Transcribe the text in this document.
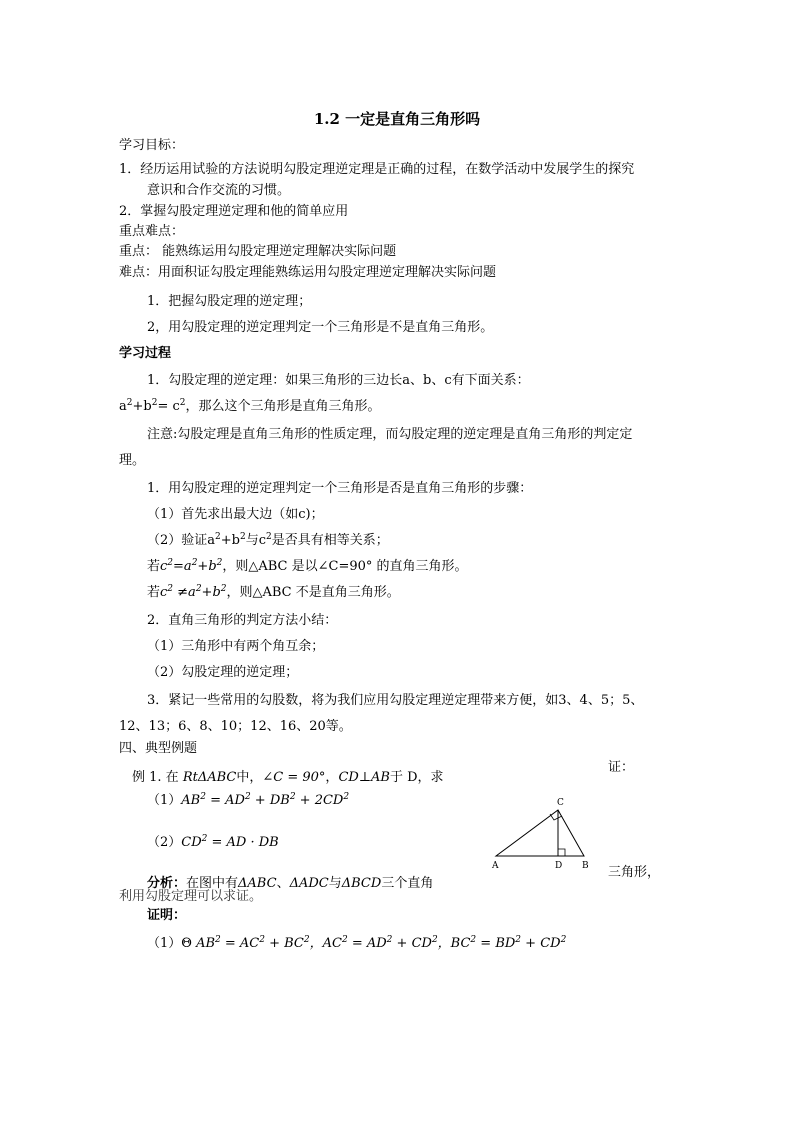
1.2 一定是直角三角形吗
学习目标：
1．经历运用试验的方法说明勾股定理逆定理是正确的过程，在数学活动中发展学生的探究
意识和合作交流的习惯。
2．掌握勾股定理逆定理和他的简单应用
重点难点：
重点： 能熟练运用勾股定理逆定理解决实际问题
难点：用面积证勾股定理能熟练运用勾股定理逆定理解决实际问题
1．把握勾股定理的逆定理；
2，用勾股定理的逆定理判定一个三角形是不是直角三角形。
学习过程
1．勾股定理的逆定理：如果三角形的三边长a、b、c有下面关系：
$a^2+b^2= c^2$，那么这个三角形是直角三角形。
注意:勾股定理是直角三角形的性质定理，而勾股定理的逆定理是直角三角形的判定定
理。
1．用勾股定理的逆定理判定一个三角形是否是直角三角形的步骤：
（1）首先求出最大边（如c)；
（2）验证$a^2+b^2$与$c^2$是否具有相等关系；
若$c^2=a^2+b^2$，则△ABC 是以∠C=90° 的直角三角形。
若$c^2 \ne a^2+b^2$，则△ABC 不是直角三角形。
2．直角三角形的判定方法小结：
（1）三角形中有两个角互余；
（2）勾股定理的逆定理；
3．紧记一些常用的勾股数，将为我们应用勾股定理逆定理带来方便，如3、4、5；5、
12、13；6、8、10；12、16、20等。
四、典型例题
例 1. 在 RtΔABC中，∠C = 90°，CD⊥AB于 D，求
证：
$(1)AB^2 = AD^2 + DB^2 + 2CD^2$
$(2)CD^2$ = AD · DB
C
A	D B
分析：在图中有ΔABC、ΔADC与ΔBCD三个直角
三角形，
利用勾股定理可以求证。
证明：
（1）Θ $AB^2 = AC^2 + BC^2$，$AC^2 = AD^2 + CD^2$，$BC^2 = BD^2 + CD^2$
